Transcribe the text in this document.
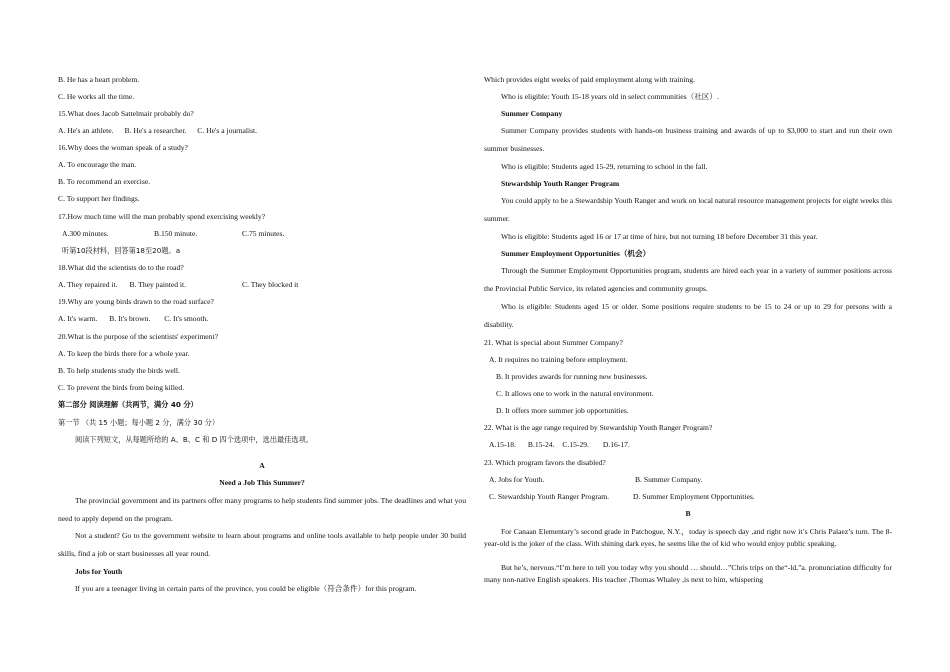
B. He has a heart problem.
C. He works all the time.
15.What does Jacob Sattelmair probably do?
A. He's an athlete. B. He's a researcher. C. He's a journalist.
16.Why does the woman speak of a study?
A. To encourage the man.
B. To recommend an exercise.
C. To support her findings.
17.How much time will the man probably spend exercising weekly?
A.300 minutes.	B.150 minute.	C.75 minutes.
听第10段材料，回答第18至20题。a
18.What did the scientists do to the road?
A. They repaired it. B. They painted it.	C. They blocked it
19.Why are young birds drawn to the road surface?
A. It's warm. B. It's brown. C. It's smooth.
20.What is the purpose of the scientists' experiment?
A. To keep the birds there for a whole year.
B. To help students study the birds well.
C. To prevent the birds from being killed.
第二部分 阅读理解（共两节，满分 40 分）
第一节 （共 15 小题；每小题 2 分，满分 30 分）
阅读下列短文，从每题所给的 A、B、C 和 D 四个选项中，选出最佳选项。
A
Need a Job This Summer?
The provincial government and its partners offer many programs to help students find summer jobs. The deadlines and what you need to apply depend on the program.
Not a student? Go to the government website to learn about programs and online tools available to help people under 30 build skills, find a job or start businesses all year round.
Jobs for Youth
If you are a teenager living in certain parts of the province, you could be eligible（符合条件）for this program.
Which provides eight weeks of paid employment along with training.
Who is eligible: Youth 15-18 years old in select communities（社区）.
Summer Company
Summer Company provides students with hands-on business training and awards of up to $3,000 to start and run their own summer businesses.
Who is eligible: Students aged 15-29, returning to school in the fall.
Stewardship Youth Ranger Program
You could apply to be a Stewardship Youth Ranger and work on local natural resource management projects for eight weeks this summer.
Who is eligible: Students aged 16 or 17 at time of hire, but not turning 18 before December 31 this year.
Summer Employment Opportunities（机会）
Through the Summer Employment Opportunities program, students are hired each year in a variety of summer positions across the Provincial Public Service, its related agencies and community groups.
Who is eligible: Students aged 15 or older. Some positions require students to be 15 to 24 or up to 29 for persons with a disability.
21. What is special about Summer Company?
A. It requires no training before employment.
B. It provides awards for running new businesses.
C. It allows one to work in the natural environment.
D. It offers more summer job opportunities.
22. What is the age range required by Stewardship Youth Ranger Program?
A.15-18. B.15-24. C.15-29. D.16-17.
23. Which program favors the disabled?
A. Jobs for Youth.	B. Summer Company.
C. Stewardship Youth Ranger Program.	D. Summer Employment Opportunities.
B
For Canaan Elementary’s second grade in Patchogue, N.Y.，today is speech day ,and right now it’s Chris Palaez’s turn. The 8-year-old is the joker of the class. With shining dark eyes, he seems like the of kid who would enjoy public speaking.
But he’s, nervous.“I’m here to tell you today why you should … should…”Chris trips on the“-ld,”a. pronunciation difficulty for many non-native English speakers. His teacher ,Thomas Whaley ,is next to him, whispering
